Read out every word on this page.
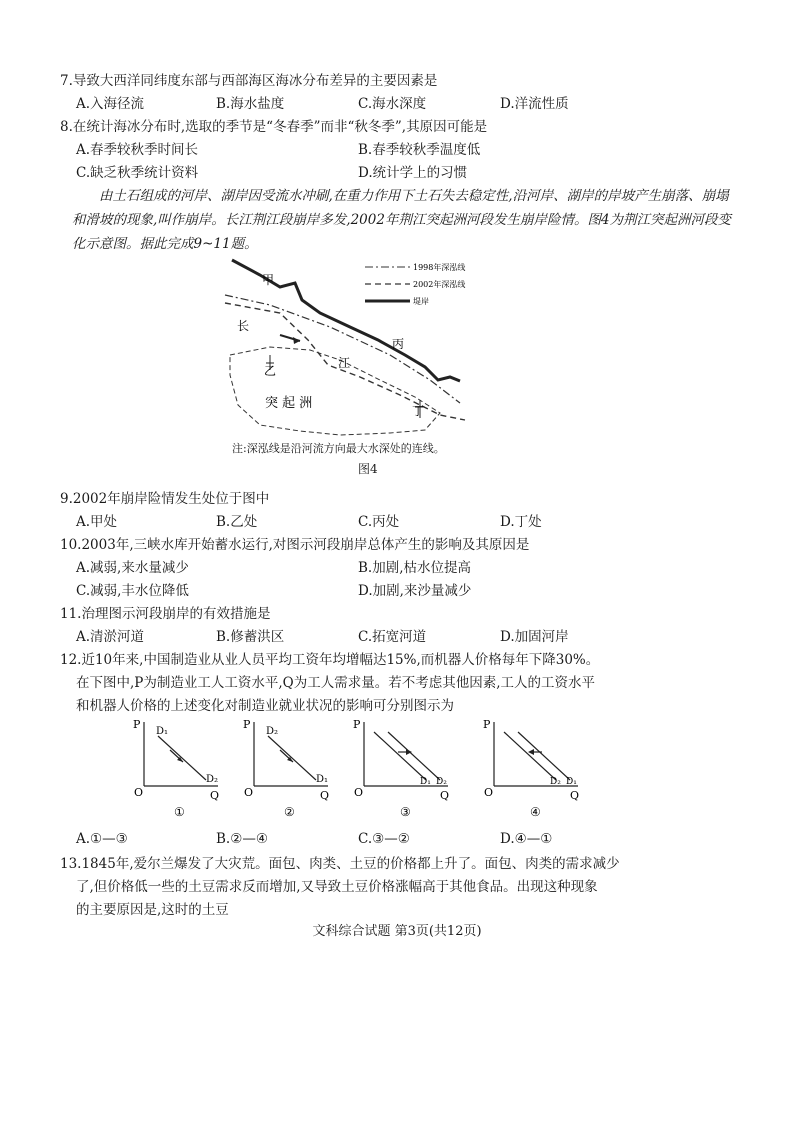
7.导致大西洋同纬度东部与西部海区海冰分布差异的主要因素是
A.入海径流	B.海水盐度	C.海水深度	D.洋流性质
8.在统计海冰分布时,选取的季节是“冬春季”而非“秋冬季”,其原因可能是
A.春季较秋季时间长	B.春季较秋季温度低
C.缺乏秋季统计资料	D.统计学上的习惯

由土石组成的河岸、湖岸因受流水冲刷,在重力作用下土石失去稳定性,沿河岸、湖岸的岸坡产生崩落、崩塌和滑坡的现象,叫作崩岸。长江荆江段崩岸多发,2002年荆江突起洲河段发生崩岸险情。图4为荆江突起洲河段变化示意图。据此完成9~11题。

1998年深泓线
2002年深泓线
堤岸
甲
长
乙
丙
江
丁
突 起 洲
注:深泓线是沿河流方向最大水深处的连线。
图4
9.2002年崩岸险情发生处位于图中
A.甲处	B.乙处	C.丙处	D.丁处
10.2003年,三峡水库开始蓄水运行,对图示河段崩岸总体产生的影响及其原因是
A.减弱,来水量减少	B.加剧,枯水位提高
C.减弱,丰水位降低	D.加剧,来沙量减少
11.治理图示河段崩岸的有效措施是
A.清淤河道	B.修蓄洪区	C.拓宽河道	D.加固河岸
12.近10年来,中国制造业从业人员平均工资年均增幅达15%,而机器人价格每年下降30%。
在下图中,P为制造业工人工资水平,Q为工人需求量。若不考虑其他因素,工人的工资水平
和机器人价格的上述变化对制造业就业状况的影响可分别图示为
P
O	Q
D₁
D₂
①
P
O	Q
D₂
D₁
②
P
O	Q
D₁ D₂
③
P
O	Q
D₂ D₁
④
A.①—③	B.②—④	C.③—②	D.④—①
13.1845年,爱尔兰爆发了大灾荒。面包、肉类、土豆的价格都上升了。面包、肉类的需求减少
了,但价格低一些的土豆需求反而增加,又导致土豆价格涨幅高于其他食品。出现这种现象
的主要原因是,这时的土豆
文科综合试题 第3页(共12页)
